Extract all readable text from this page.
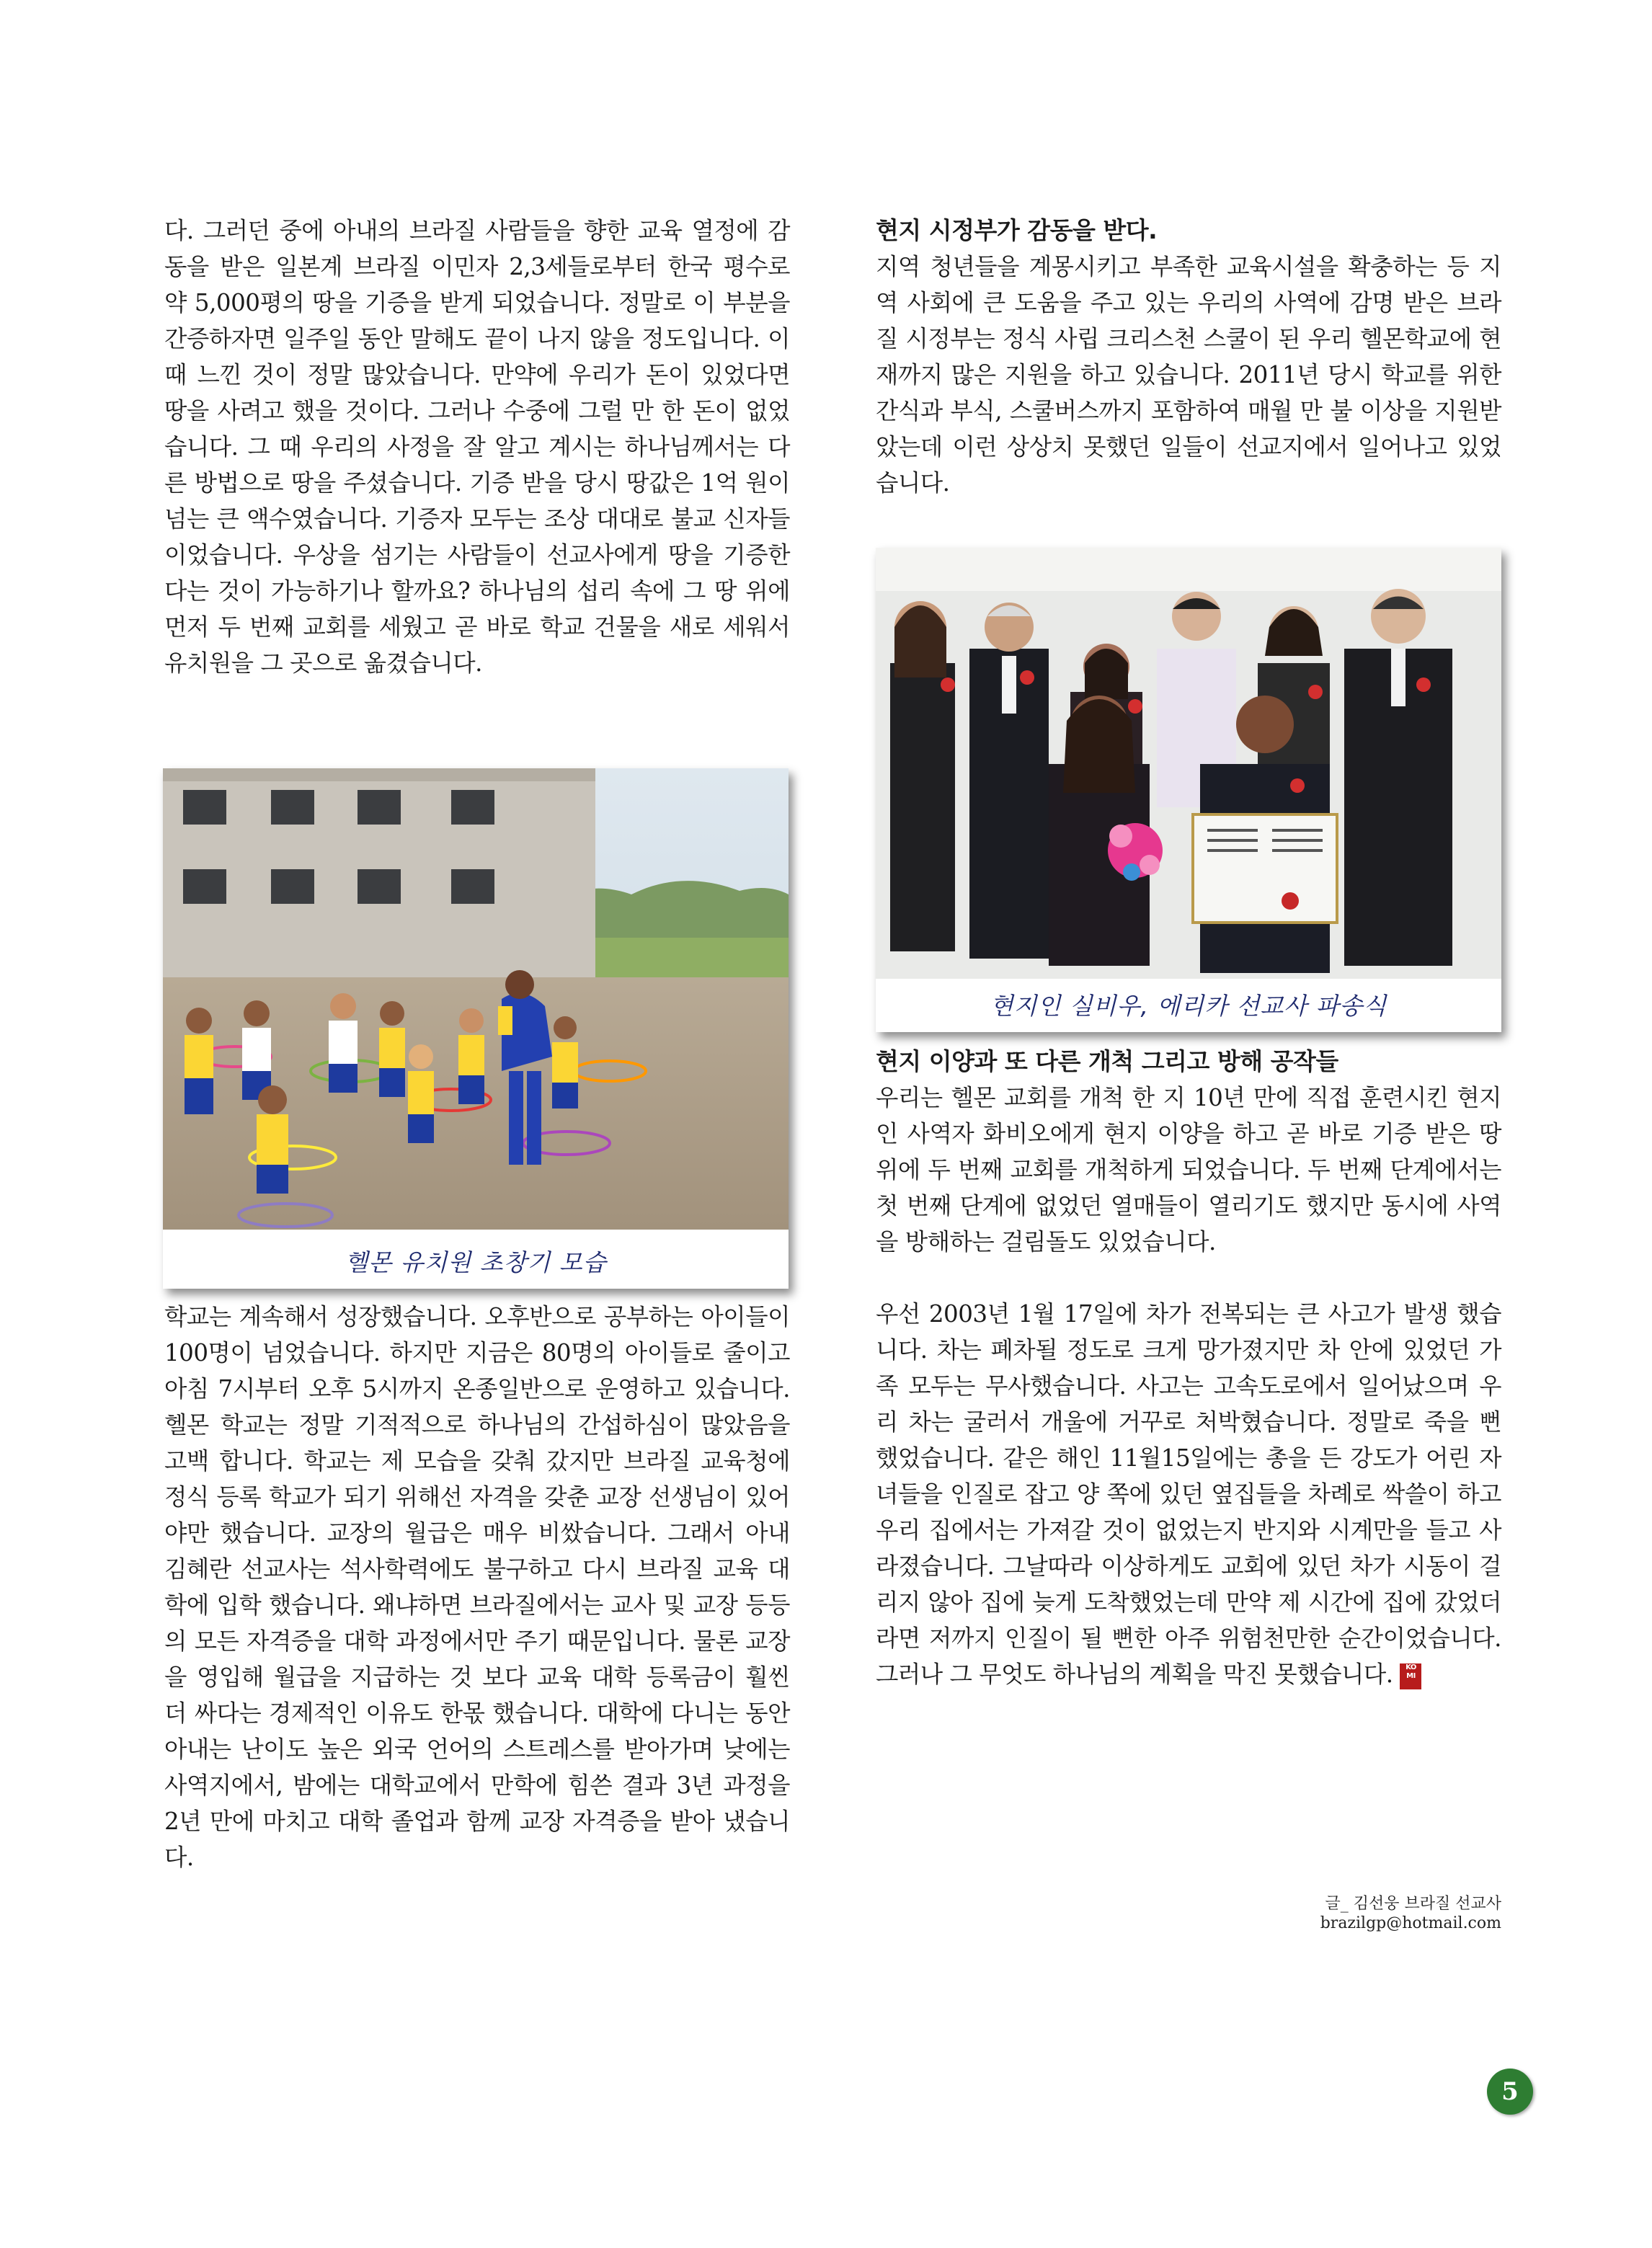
다. 그러던 중에 아내의 브라질 사람들을 향한 교육 열정에 감동을 받은 일본계 브라질 이민자 2,3세들로부터 한국 평수로 약 5,000평의 땅을 기증을 받게 되었습니다. 정말로 이 부분을 간증하자면 일주일 동안 말해도 끝이 나지 않을 정도입니다. 이때 느낀 것이 정말 많았습니다. 만약에 우리가 돈이 있었다면 땅을 사려고 했을 것이다. 그러나 수중에 그럴 만 한 돈이 없었습니다. 그 때 우리의 사정을 잘 알고 계시는 하나님께서는 다른 방법으로 땅을 주셨습니다. 기증 받을 당시 땅값은 1억 원이 넘는 큰 액수였습니다. 기증자 모두는 조상 대대로 불교 신자들이었습니다. 우상을 섬기는 사람들이 선교사에게 땅을 기증한다는 것이 가능하기나 할까요? 하나님의 섭리 속에 그 땅 위에 먼저 두 번째 교회를 세웠고 곧 바로 학교 건물을 새로 세워서 유치원을 그 곳으로 옮겼습니다.

헬몬 유치원 초창기 모습

학교는 계속해서 성장했습니다. 오후반으로 공부하는 아이들이 100명이 넘었습니다. 하지만 지금은 80명의 아이들로 줄이고 아침 7시부터 오후 5시까지 온종일반으로 운영하고 있습니다. 헬몬 학교는 정말 기적적으로 하나님의 간섭하심이 많았음을 고백 합니다. 학교는 제 모습을 갖춰 갔지만 브라질 교육청에 정식 등록 학교가 되기 위해선 자격을 갖춘 교장 선생님이 있어야만 했습니다. 교장의 월급은 매우 비쌌습니다. 그래서 아내 김혜란 선교사는 석사학력에도 불구하고 다시 브라질 교육 대학에 입학 했습니다. 왜냐하면 브라질에서는 교사 및 교장 등등의 모든 자격증을 대학 과정에서만 주기 때문입니다. 물론 교장을 영입해 월급을 지급하는 것 보다 교육 대학 등록금이 훨씬 더 싸다는 경제적인 이유도 한몫 했습니다. 대학에 다니는 동안 아내는 난이도 높은 외국 언어의 스트레스를 받아가며 낮에는 사역지에서, 밤에는 대학교에서 만학에 힘쓴 결과 3년 과정을 2년 만에 마치고 대학 졸업과 함께 교장 자격증을 받아 냈습니다.

현지 시정부가 감동을 받다.

지역 청년들을 계몽시키고 부족한 교육시설을 확충하는 등 지역 사회에 큰 도움을 주고 있는 우리의 사역에 감명 받은 브라질 시정부는 정식 사립 크리스천 스쿨이 된 우리 헬몬학교에 현재까지 많은 지원을 하고 있습니다. 2011년 당시 학교를 위한 간식과 부식, 스쿨버스까지 포함하여 매월 만 불 이상을 지원받았는데 이런 상상치 못했던 일들이 선교지에서 일어나고 있었습니다.

현지인 실비우, 에리카 선교사 파송식
현지 이양과 또 다른 개척 그리고 방해 공작들

우리는 헬몬 교회를 개척 한 지 10년 만에 직접 훈련시킨 현지인 사역자 화비오에게 현지 이양을 하고 곧 바로 기증 받은 땅위에 두 번째 교회를 개척하게 되었습니다. 두 번째 단계에서는 첫 번째 단계에 없었던 열매들이 열리기도 했지만 동시에 사역을 방해하는 걸림돌도 있었습니다.

우선 2003년 1월 17일에 차가 전복되는 큰 사고가 발생 했습니다. 차는 폐차될 정도로 크게 망가졌지만 차 안에 있었던 가족 모두는 무사했습니다. 사고는 고속도로에서 일어났으며 우리 차는 굴러서 개울에 거꾸로 처박혔습니다. 정말로 죽을 뻔 했었습니다. 같은 해인 11월15일에는 총을 든 강도가 어린 자녀들을 인질로 잡고 양 쪽에 있던 옆집들을 차례로 싹쓸이 하고 우리 집에서는 가져갈 것이 없었는지 반지와 시계만을 들고 사라졌습니다. 그날따라 이상하게도 교회에 있던 차가 시동이 걸리지 않아 집에 늦게 도착했었는데 만약 제 시간에 집에 갔었더라면 저까지 인질이 될 뻔한 아주 위험천만한 순간이었습니다. 그러나 그 무엇도 하나님의 계획을 막진 못했습니다. KO MI

글_ 김선웅 브라질 선교사
brazilgp@hotmail.com
5
